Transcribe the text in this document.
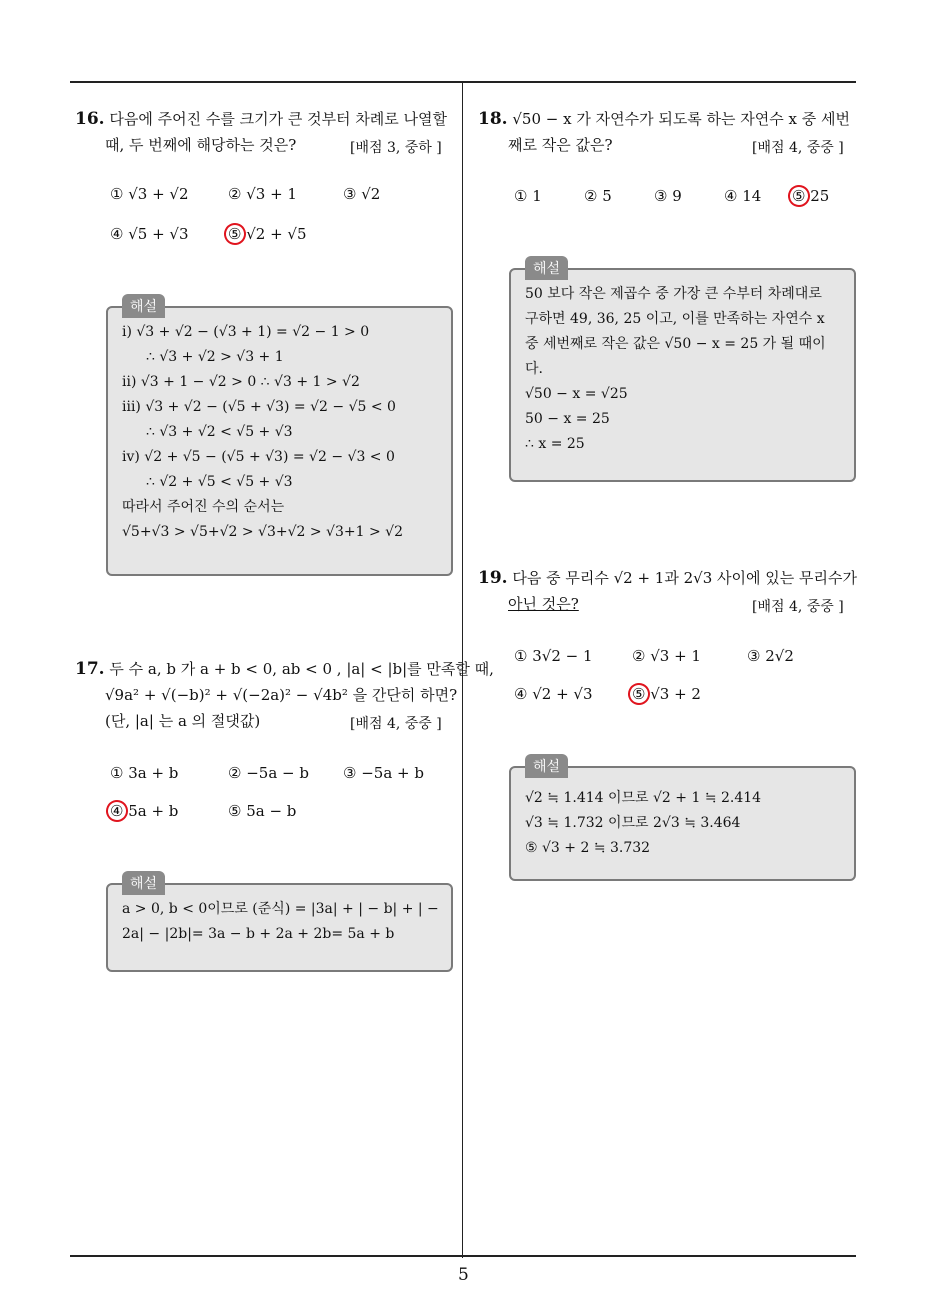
5
16. 다음에 주어진 수를 크기가 큰 것부터 차례로 나열할
때, 두 번째에 해당하는 것은?	[배점 3, 중하 ]
① √3 + √2	② √3 + 1	③ √2
④ √5 + √3	⑤ √2 + √5
해설
ⅰ) √3 + √2 − (√3 + 1) = √2 − 1 > 0
∴ √3 + √2 > √3 + 1
ⅱ) √3 + 1 − √2 > 0 ∴ √3 + 1 > √2
ⅲ) √3 + √2 − (√5 + √3) = √2 − √5 < 0
∴ √3 + √2 < √5 + √3
ⅳ) √2 + √5 − (√5 + √3) = √2 − √3 < 0
∴ √2 + √5 < √5 + √3
따라서 주어진 수의 순서는
√5+√3 > √5+√2 > √3+√2 > √3+1 > √2
17. 두 수 a, b 가 a + b < 0, ab < 0 , |a| < |b|를 만족할 때,
√9a² + √(−b)² + √(−2a)² − √4b² 을 간단히 하면?
(단, |a| 는 a 의 절댓값)	[배점 4, 중중 ]
① 3a + b	② −5a − b ③ −5a + b
④ 5a + b	⑤ 5a − b
해설
a > 0, b < 0이므로 (준식) = |3a| + | − b| + | −
2a| − |2b|= 3a − b + 2a + 2b= 5a + b
18. √50 − x 가 자연수가 되도록 하는 자연수 x 중 세번
째로 작은 값은?	[배점 4, 중중 ]
① 1	② 5	③ 9	④ 14 ⑤ 25
해설
50 보다 작은 제곱수 중 가장 큰 수부터 차례대로
구하면 49, 36, 25 이고, 이를 만족하는 자연수 x
중 세번째로 작은 값은 √50 − x = 25 가 될 때이
다.
√50 − x = √25
50 − x = 25
∴ x = 25
19. 다음 중 무리수 √2 + 1과 2√3 사이에 있는 무리수가
아닌 것은?	[배점 4, 중중 ]
① 3√2 − 1	② √3 + 1	③ 2√2
④ √2 + √3	⑤ √3 + 2
해설
√2 ≒ 1.414 이므로 √2 + 1 ≒ 2.414
√3 ≒ 1.732 이므로 2√3 ≒ 3.464
⑤ √3 + 2 ≒ 3.732
